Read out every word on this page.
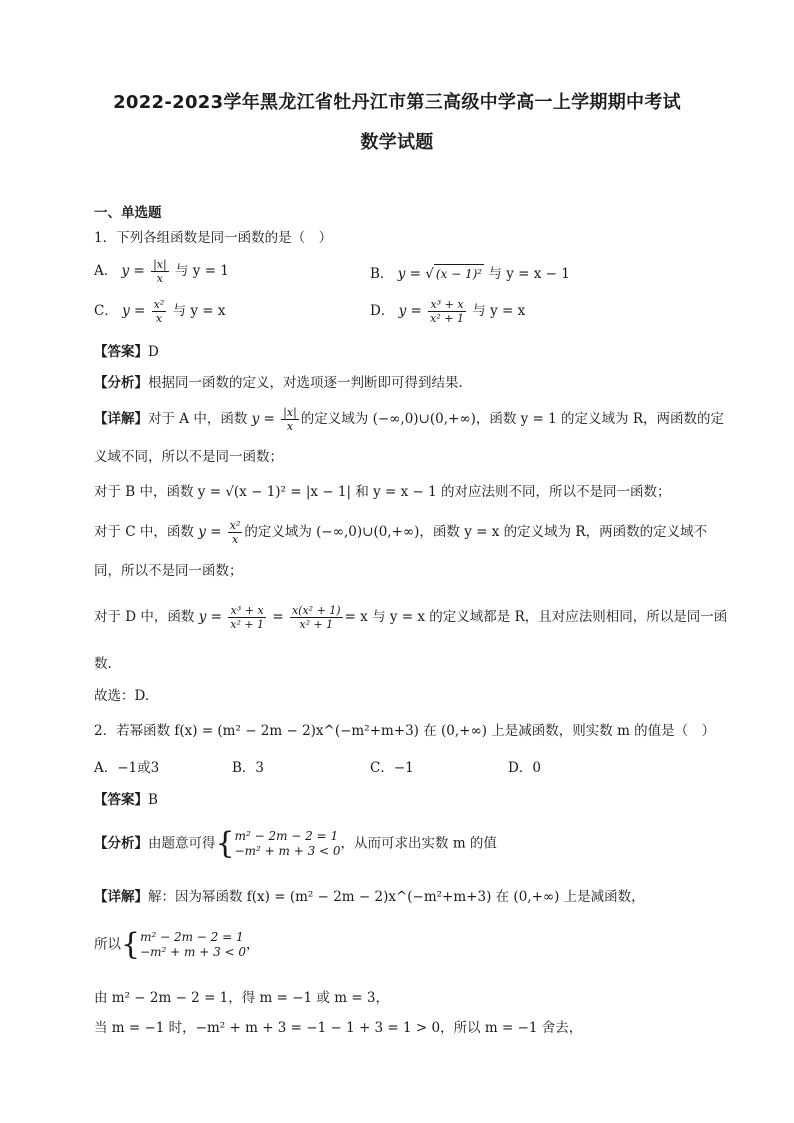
2022-2023学年黑龙江省牡丹江市第三高级中学高一上学期期中考试
数学试题
一、单选题
1．下列各组函数是同一函数的是（　）
A． $y = \frac{|x|}{x}$ 与 y = 1	B． y = √ (x − 1)² 与 y = x − 1
C． $y = \frac{\text{x²}}{x}$ 与 y = x	D． $y = \frac{\text{x³ + x}}{\text{x² + 1}}$ 与 y = x
【答案】D
【分析】根据同一函数的定义，对选项逐一判断即可得到结果.
【详解】对于 A 中，函数 $y = \frac{|x|}{x}$ 的定义域为 (−∞,0)∪(0,+∞)，函数 y = 1 的定义域为 R，两函数的定
义域不同，所以不是同一函数；
对于 B 中，函数 y = √(x − 1)² = |x − 1| 和 y = x − 1 的对应法则不同，所以不是同一函数；
对于 C 中，函数 $y = \frac{\text{x²}}{x}$ 的定义域为 (−∞,0)∪(0,+∞)，函数 y = x 的定义域为 R，两函数的定义域不
同，所以不是同一函数；
对于 D 中，函数 $y = \frac{\text{x³ + x}}{\text{x² + 1}} = \frac{\text{x(x² + 1)}}{\text{x² + 1}} = x$ 与 y = x 的定义域都是 R，且对应法则相同，所以是同一函
数.
故选：D.
2．若幂函数 f(x) = (m² − 2m − 2)x^(−m²+m+3) 在 (0,+∞) 上是减函数，则实数 m 的值是（　）
A．−1或3	B．3	C．−1	D．0
【答案】B
【分析】由题意可得{ m² − 2m − 2 = 1
−m² + m + 3 < 0 ，从而可求出实数 m 的值
【详解】解：因为幂函数 f(x) = (m² − 2m − 2)x^(−m²+m+3) 在 (0,+∞) 上是减函数，
所以{ m² − 2m − 2 = 1
−m² + m + 3 < 0 ，
由 m² − 2m − 2 = 1，得 m = −1 或 m = 3，
当 m = −1 时，−m² + m + 3 = −1 − 1 + 3 = 1 > 0，所以 m = −1 舍去，
